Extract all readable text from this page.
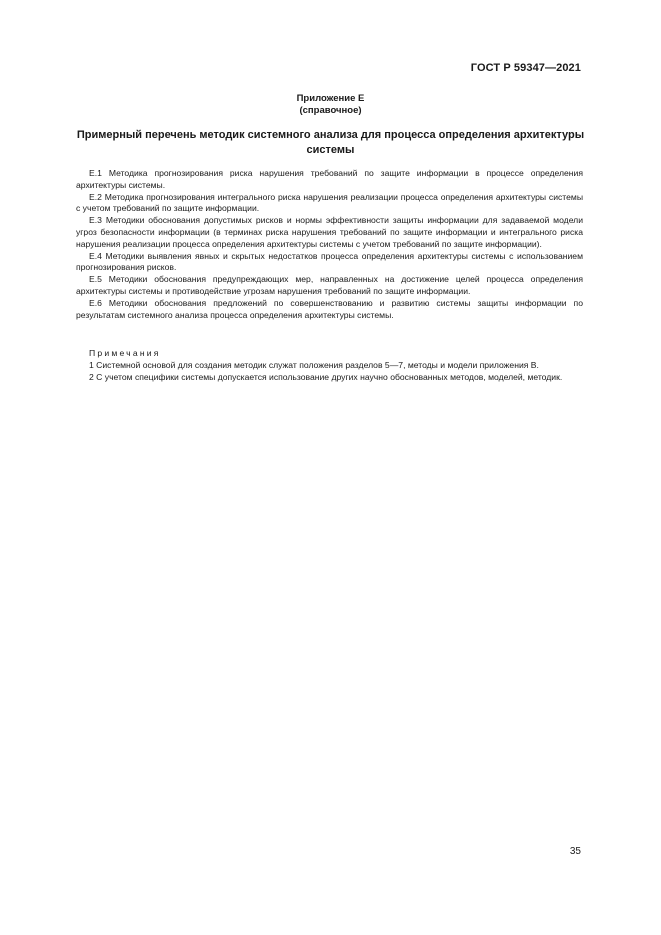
ГОСТ Р 59347—2021
Приложение Е
(справочное)
Примерный перечень методик системного анализа для процесса определения архитектуры системы

Е.1 Методика прогнозирования риска нарушения требований по защите информации в процессе определения архитектуры системы.

Е.2 Методика прогнозирования интегрального риска нарушения реализации процесса определения архитектуры системы с учетом требований по защите информации.

Е.3 Методики обоснования допустимых рисков и нормы эффективности защиты информации для задаваемой модели угроз безопасности информации (в терминах риска нарушения требований по защите информации и интегрального риска нарушения реализации процесса определения архитектуры системы с учетом требований по защите информации).

Е.4 Методики выявления явных и скрытых недостатков процесса определения архитектуры системы с использованием прогнозирования рисков.

Е.5 Методики обоснования предупреждающих мер, направленных на достижение целей процесса определения архитектуры системы и противодействие угрозам нарушения требований по защите информации.

Е.6 Методики обоснования предложений по совершенствованию и развитию системы защиты информации по результатам системного анализа процесса определения архитектуры системы.

Примечания

1 Системной основой для создания методик служат положения разделов 5—7, методы и модели приложения В.

2 С учетом специфики системы допускается использование других научно обоснованных методов, моделей, методик.

35
